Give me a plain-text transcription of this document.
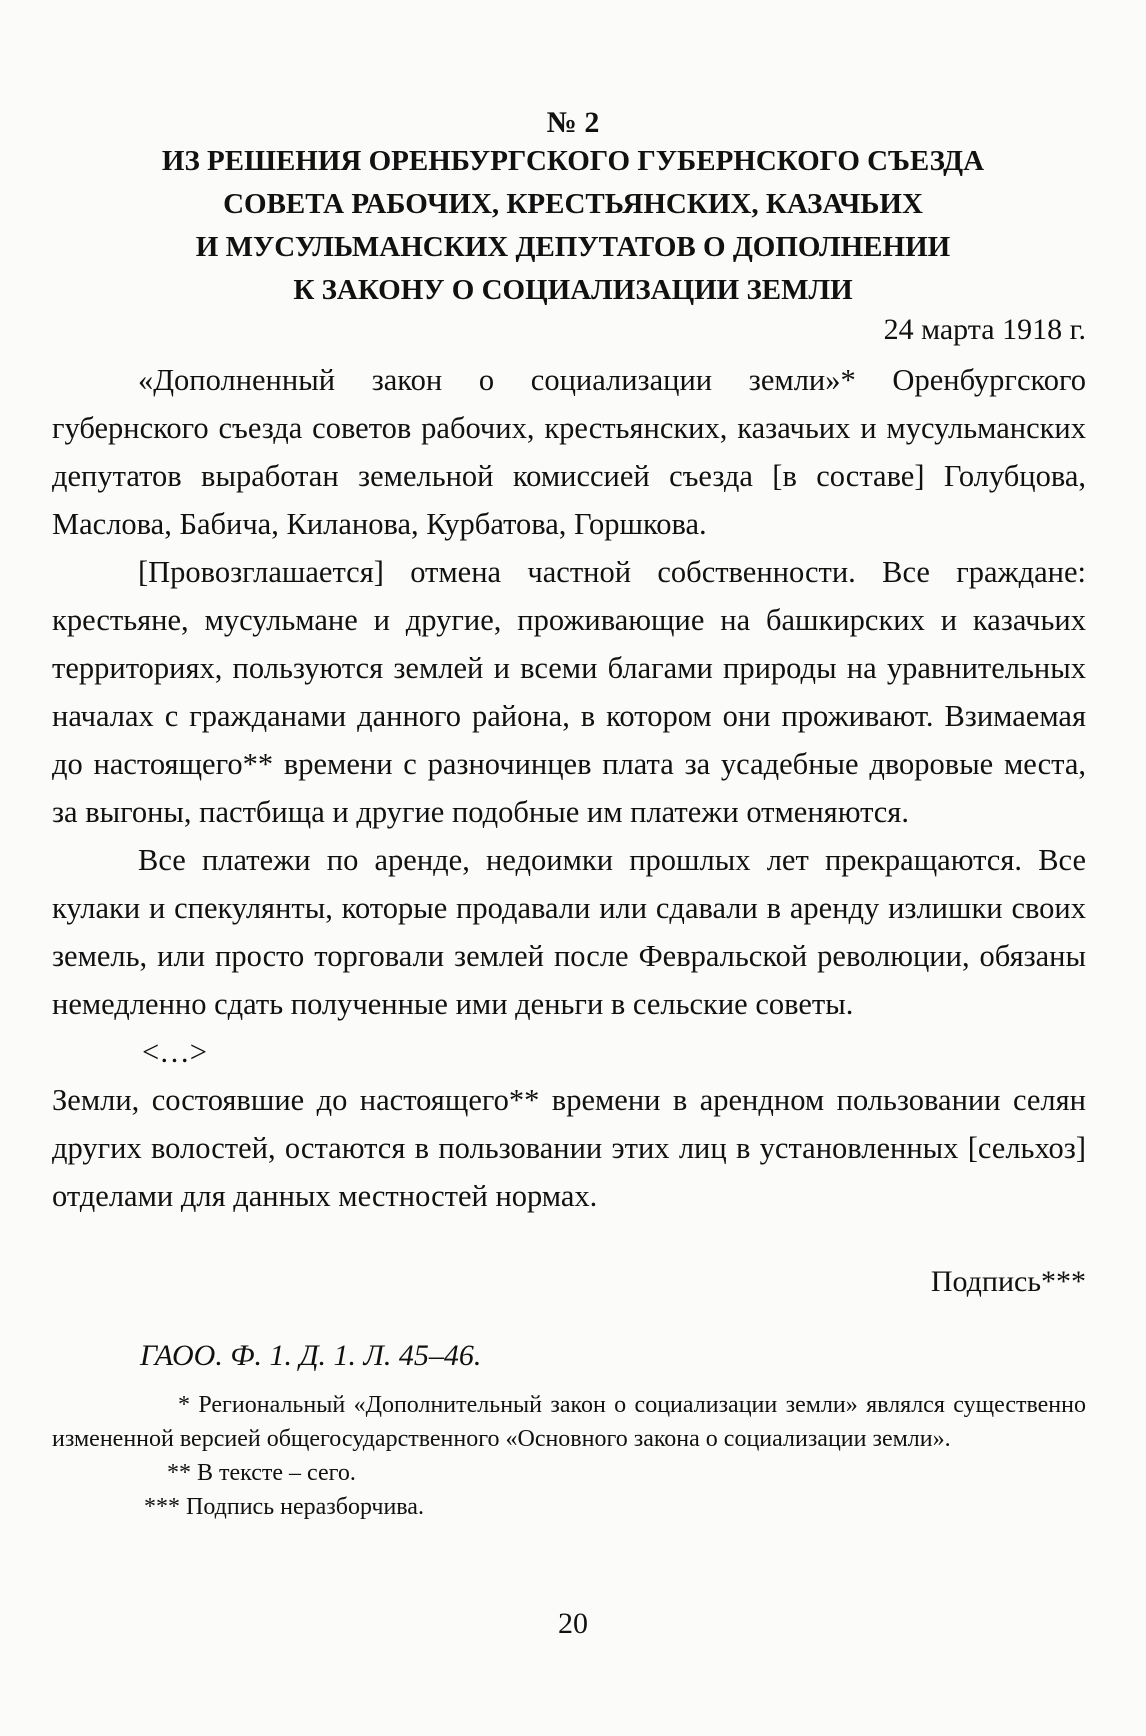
№ 2
ИЗ РЕШЕНИЯ ОРЕНБУРГСКОГО ГУБЕРНСКОГО СЪЕЗДА
СОВЕТА РАБОЧИХ, КРЕСТЬЯНСКИХ, КАЗАЧЬИХ
И МУСУЛЬМАНСКИХ ДЕПУТАТОВ О ДОПОЛНЕНИИ
К ЗАКОНУ О СОЦИАЛИЗАЦИИ ЗЕМЛИ
24 марта 1918 г.

«Дополненный закон о социализации земли»* Оренбургского губернского съезда советов рабочих, крестьянских, казачьих и мусульманских депутатов выработан земельной комиссией съезда [в составе] Голубцова, Маслова, Бабича, Киланова, Курбатова, Горшкова.

[Провозглашается] отмена частной собственности. Все граждане: крестьяне, мусульмане и другие, проживающие на башкирских и казачьих территориях, пользуются землей и всеми благами природы на уравнительных началах с гражданами данного района, в котором они проживают. Взимаемая до настоящего** времени с разночинцев плата за усадебные дворовые места, за выгоны, пастбища и другие подобные им платежи отменяются.

Все платежи по аренде, недоимки прошлых лет прекращаются. Все кулаки и спекулянты, которые продавали или сдавали в аренду излишки своих земель, или просто торговали землей после Февральской революции, обязаны немедленно сдать полученные ими деньги в сельские советы.

<…>

Земли, состоявшие до настоящего** времени в арендном пользовании селян других волостей, остаются в пользовании этих лиц в установленных [сельхоз] отделами для данных местностей нормах.

Подпись***
ГАОО. Ф. 1. Д. 1. Л. 45–46.

* Региональный «Дополнительный закон о социализации земли» являлся существенно измененной версией общегосударственного «Основного закона о социализации земли».

** В тексте – сего.

*** Подпись неразборчива.

20
